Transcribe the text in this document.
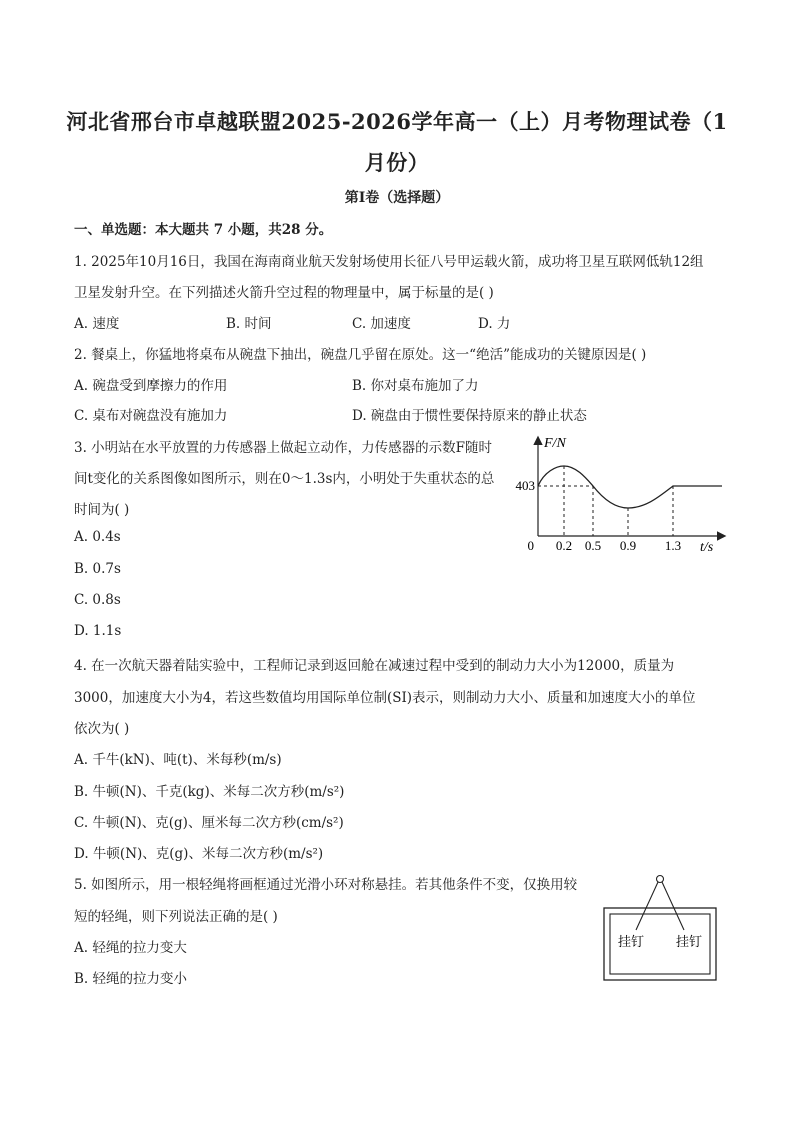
河北省邢台市卓越联盟2025-2026学年高一（上）月考物理试卷（1
月份）
第I卷（选择题）
一、单选题：本大题共 7 小题，共28 分。
1. 2025年10月16日，我国在海南商业航天发射场使用长征八号甲运载火箭，成功将卫星互联网低轨12组
卫星发射升空。在下列描述火箭升空过程的物理量中，属于标量的是( )
A. 速度	B. 时间	C. 加速度	D. 力
2. 餐桌上，你猛地将桌布从碗盘下抽出，碗盘几乎留在原处。这一“绝活”能成功的关键原因是( )
A. 碗盘受到摩擦力的作用	B. 你对桌布施加了力
C. 桌布对碗盘没有施加力	D. 碗盘由于惯性要保持原来的静止状态
3. 小明站在水平放置的力传感器上做起立动作，力传感器的示数F随时
间t变化的关系图像如图所示，则在0～1.3s内，小明处于失重状态的总
时间为( )
A. 0.4s
B. 0.7s
C. 0.8s
D. 1.1s
F/N
t/s
0
403
0.2 0.5 0.9 1.3
4. 在一次航天器着陆实验中，工程师记录到返回舱在减速过程中受到的制动力大小为12000，质量为
3000，加速度大小为4，若这些数值均用国际单位制(SI)表示，则制动力大小、质量和加速度大小的单位
依次为( )
A. 千牛(kN)、吨(t)、米每秒(m/s)
B. 牛顿(N)、千克(kg)、米每二次方秒(m/s²)
C. 牛顿(N)、克(g)、厘米每二次方秒(cm/s²)
D. 牛顿(N)、克(g)、米每二次方秒(m/s²)
5. 如图所示，用一根轻绳将画框通过光滑小环对称悬挂。若其他条件不变，仅换用较
短的轻绳，则下列说法正确的是( )
A. 轻绳的拉力变大
B. 轻绳的拉力变小
挂钉 挂钉
